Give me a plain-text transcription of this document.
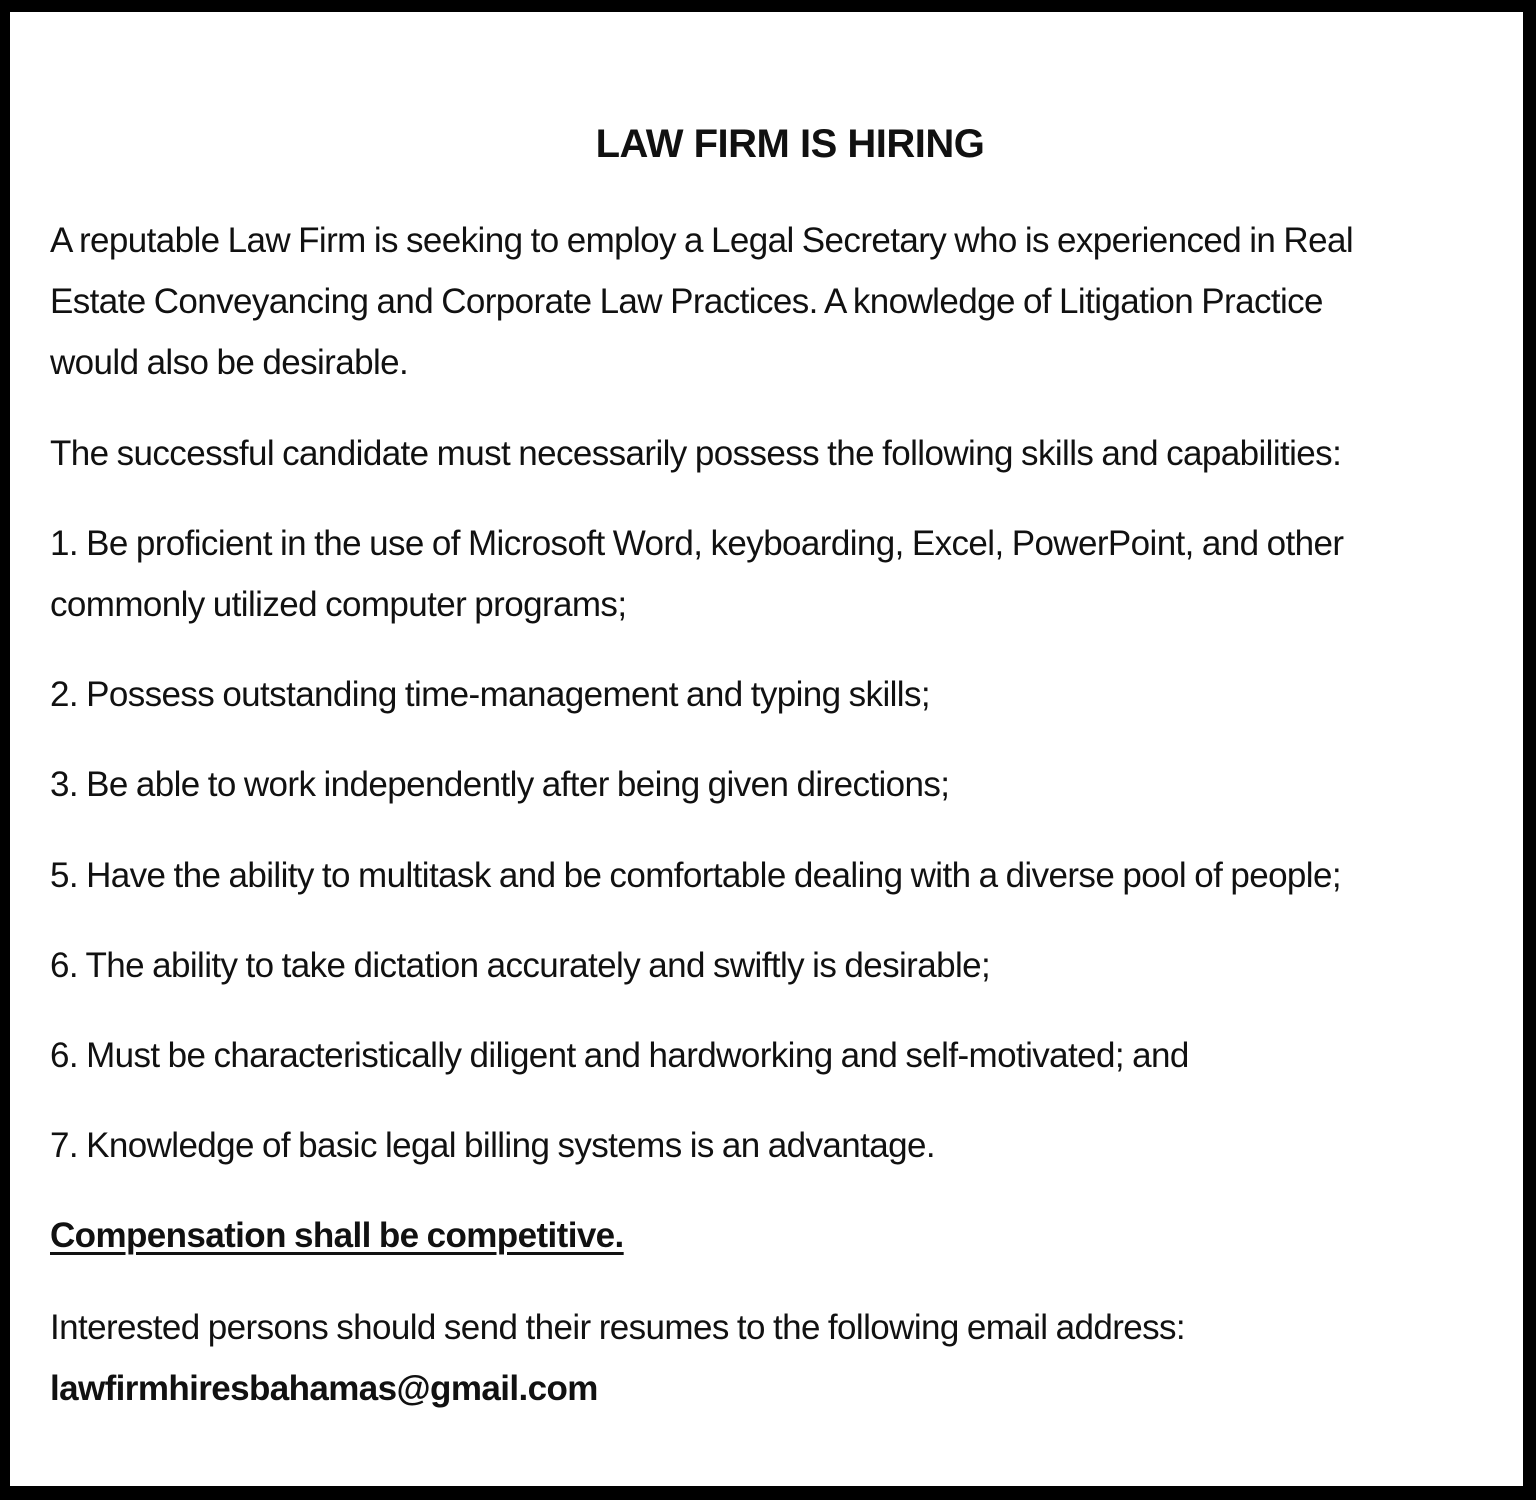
LAW FIRM IS HIRING

A reputable Law Firm is seeking to employ a Legal Secretary who is experienced in Real
Estate Conveyancing and Corporate Law Practices. A knowledge of Litigation Practice
would also be desirable.

The successful candidate must necessarily possess the following skills and capabilities:

1. Be proficient in the use of Microsoft Word, keyboarding, Excel, PowerPoint, and other
commonly utilized computer programs;

2. Possess outstanding time-management and typing skills;

3. Be able to work independently after being given directions;

5. Have the ability to multitask and be comfortable dealing with a diverse pool of people;

6. The ability to take dictation accurately and swiftly is desirable;

6. Must be characteristically diligent and hardworking and self-motivated; and

7. Knowledge of basic legal billing systems is an advantage.

Compensation shall be competitive.

Interested persons should send their resumes to the following email address:
lawfirmhiresbahamas@gmail.com
